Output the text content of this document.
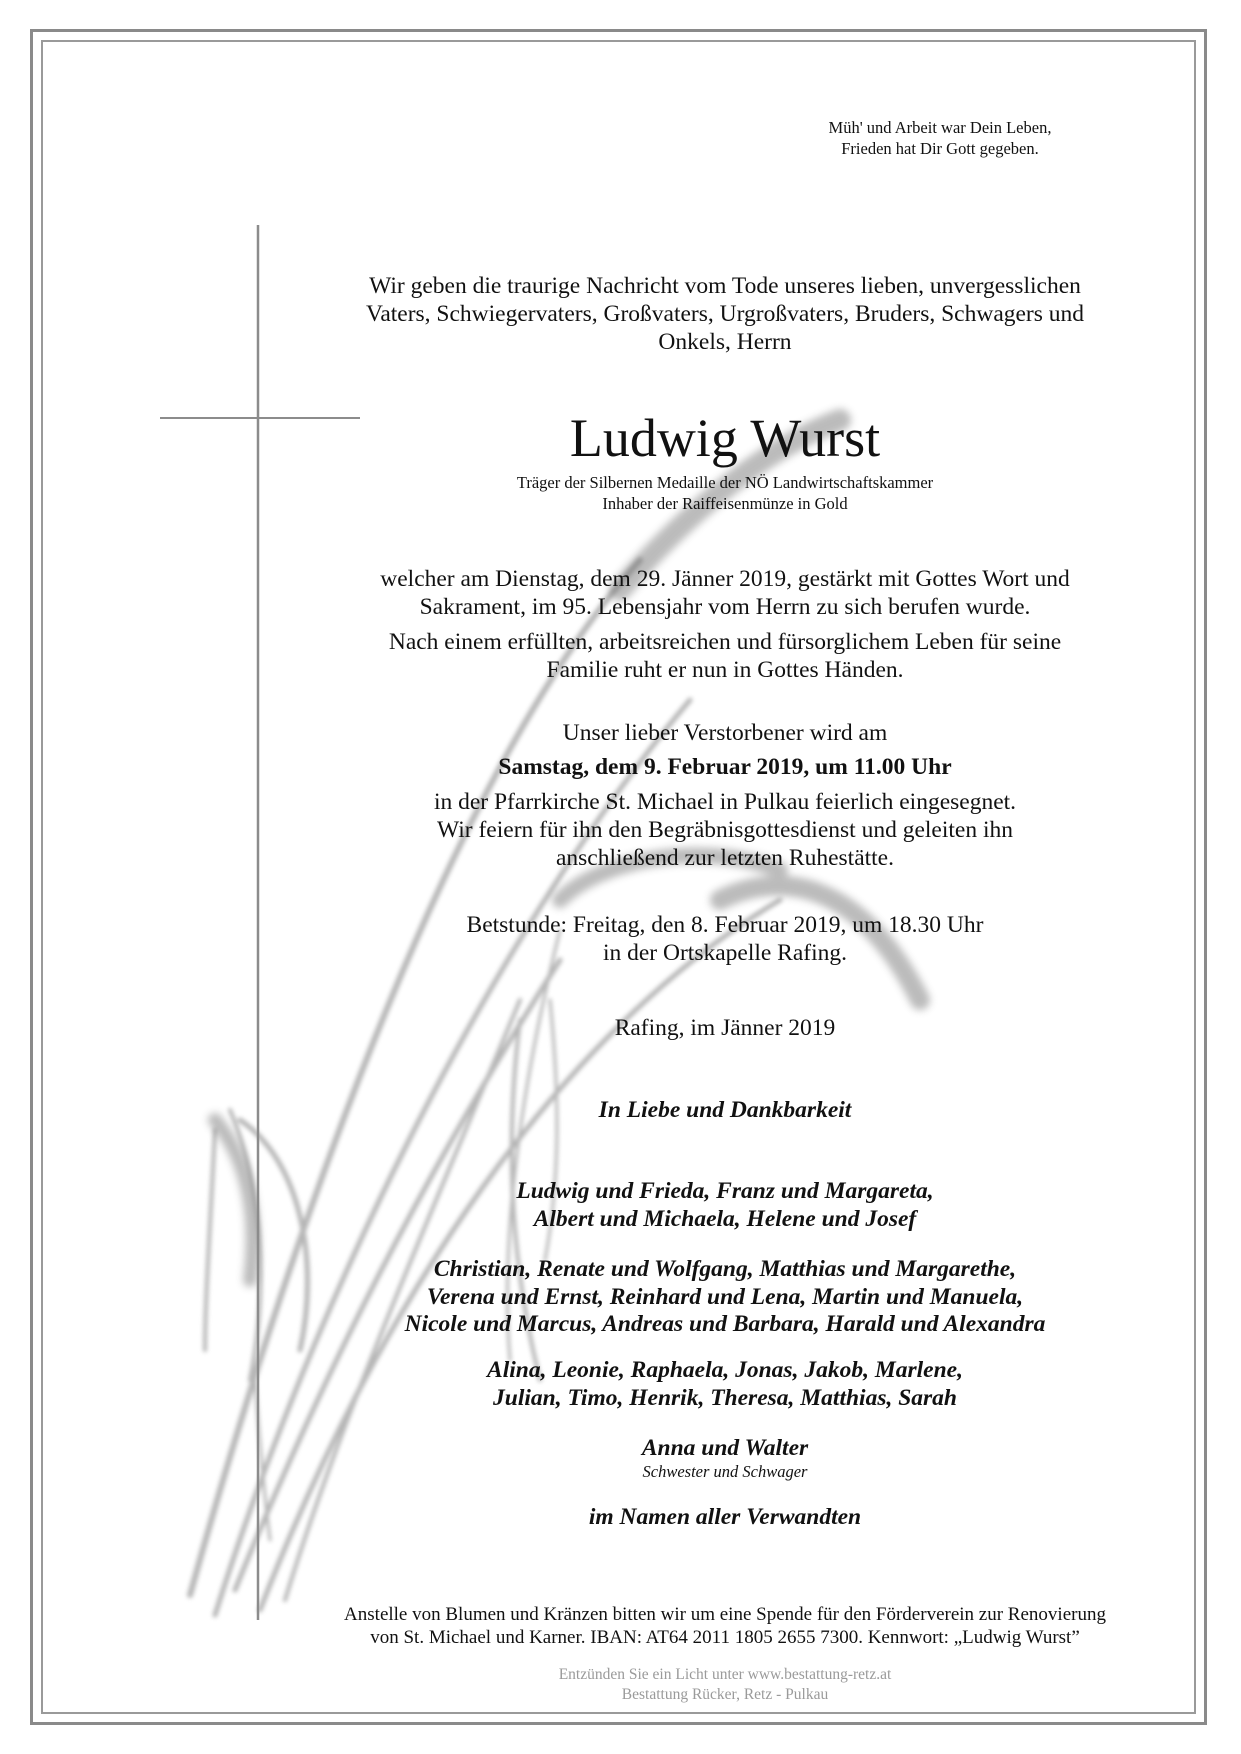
Müh' und Arbeit war Dein Leben,
Frieden hat Dir Gott gegeben.
Wir geben die traurige Nachricht vom Tode unseres lieben, unvergesslichen
Vaters, Schwiegervaters, Großvaters, Urgroßvaters, Bruders, Schwagers und
Onkels, Herrn
Ludwig Wurst
Träger der Silbernen Medaille der NÖ Landwirtschaftskammer
Inhaber der Raiffeisenmünze in Gold
welcher am Dienstag, dem 29. Jänner 2019, gestärkt mit Gottes Wort und
Sakrament, im 95. Lebensjahr vom Herrn zu sich berufen wurde.
Nach einem erfüllten, arbeitsreichen und fürsorglichem Leben für seine
Familie ruht er nun in Gottes Händen.
Unser lieber Verstorbener wird am
Samstag, dem 9. Februar 2019, um 11.00 Uhr
in der Pfarrkirche St. Michael in Pulkau feierlich eingesegnet.
Wir feiern für ihn den Begräbnisgottesdienst und geleiten ihn
anschließend zur letzten Ruhestätte.
Betstunde: Freitag, den 8. Februar 2019, um 18.30 Uhr
in der Ortskapelle Rafing.
Rafing, im Jänner 2019
In Liebe und Dankbarkeit
Ludwig und Frieda, Franz und Margareta,
Albert und Michaela, Helene und Josef
Christian, Renate und Wolfgang, Matthias und Margarethe,
Verena und Ernst, Reinhard und Lena, Martin und Manuela,
Nicole und Marcus, Andreas und Barbara, Harald und Alexandra
Alina, Leonie, Raphaela, Jonas, Jakob, Marlene,
Julian, Timo, Henrik, Theresa, Matthias, Sarah
Anna und Walter
Schwester und Schwager
im Namen aller Verwandten
Anstelle von Blumen und Kränzen bitten wir um eine Spende für den Förderverein zur Renovierung
von St. Michael und Karner. IBAN: AT64 2011 1805 2655 7300. Kennwort: „Ludwig Wurst”
Entzünden Sie ein Licht unter www.bestattung-retz.at
Bestattung Rücker, Retz - Pulkau
